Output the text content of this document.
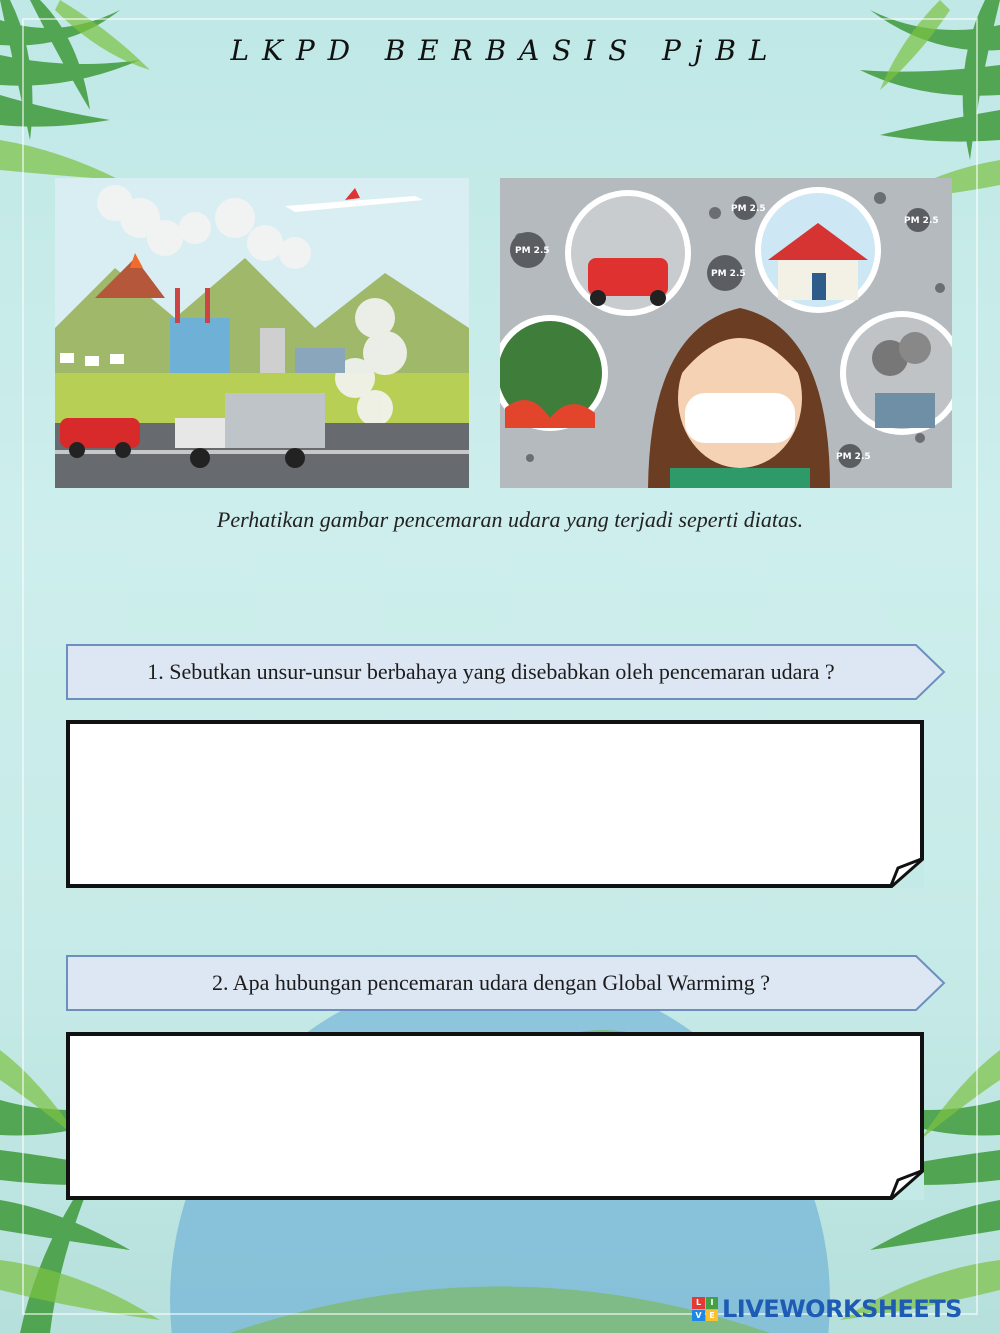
L K P D   B E R B A S I S   P j B L
PM 2.5
PM 2.5
PM 2.5
PM 2.5
PM 2.5
Perhatikan gambar pencemaran udara yang terjadi seperti diatas.
1. Sebutkan unsur-unsur berbahaya yang disebabkan oleh pencemaran udara ?
2. Apa hubungan pencemaran udara dengan Global Warmimg ?
L	I
V	E LIVEWORKSHEETS
